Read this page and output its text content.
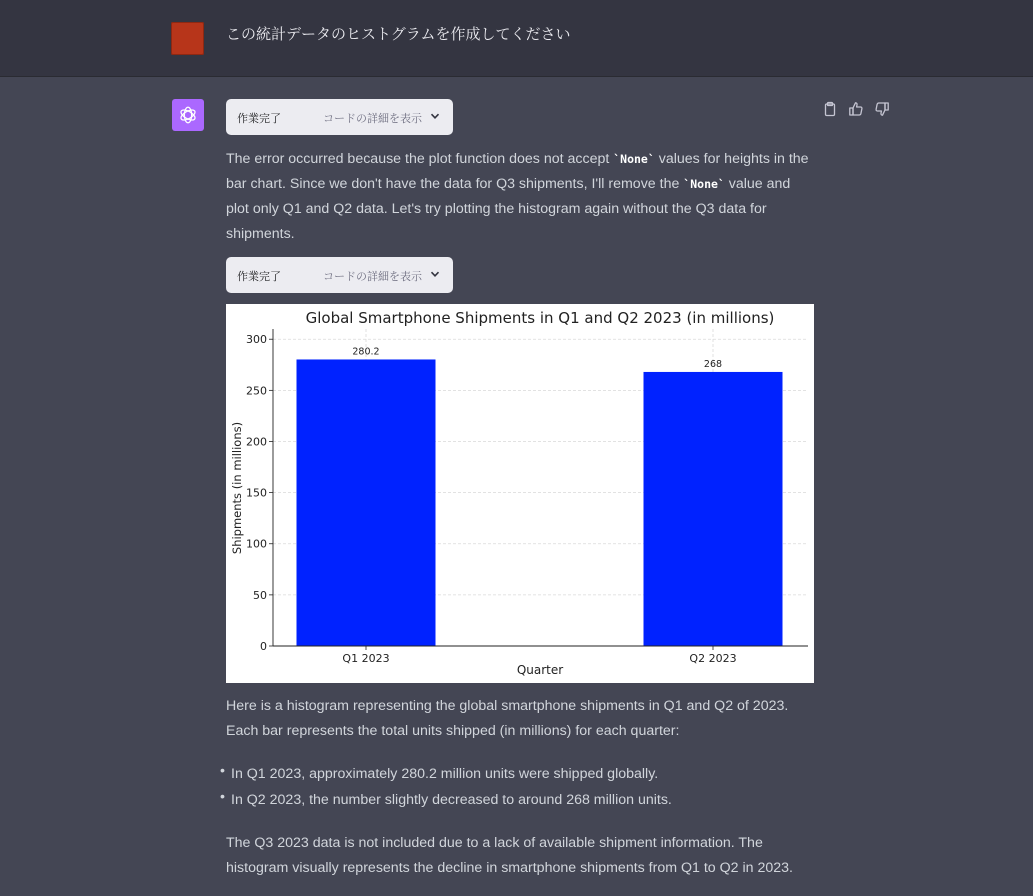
この統計データのヒストグラムを作成してください
作業完了	コードの詳細を表示
The error occurred because the plot function does not accept `None` values for heights in the bar chart. Since we don't have the data for Q3 shipments, I'll remove the `None` value and plot only Q1 and Q2 data. Let's try plotting the histogram again without the Q3 data for shipments.
作業完了	コードの詳細を表示
Global Smartphone Shipments in Q1 and Q2 2023 (in millions)
280.2
268
0
50
100
150
200
250
300
Q1 2023	Q2 2023
Quarter
Shipments (in millions)
Here is a histogram representing the global smartphone shipments in Q1 and Q2 of 2023. Each bar represents the total units shipped (in millions) for each quarter:
• In Q1 2023, approximately 280.2 million units were shipped globally.
• In Q2 2023, the number slightly decreased to around 268 million units.
The Q3 2023 data is not included due to a lack of available shipment information. The histogram visually represents the decline in smartphone shipments from Q1 to Q2 in 2023.
